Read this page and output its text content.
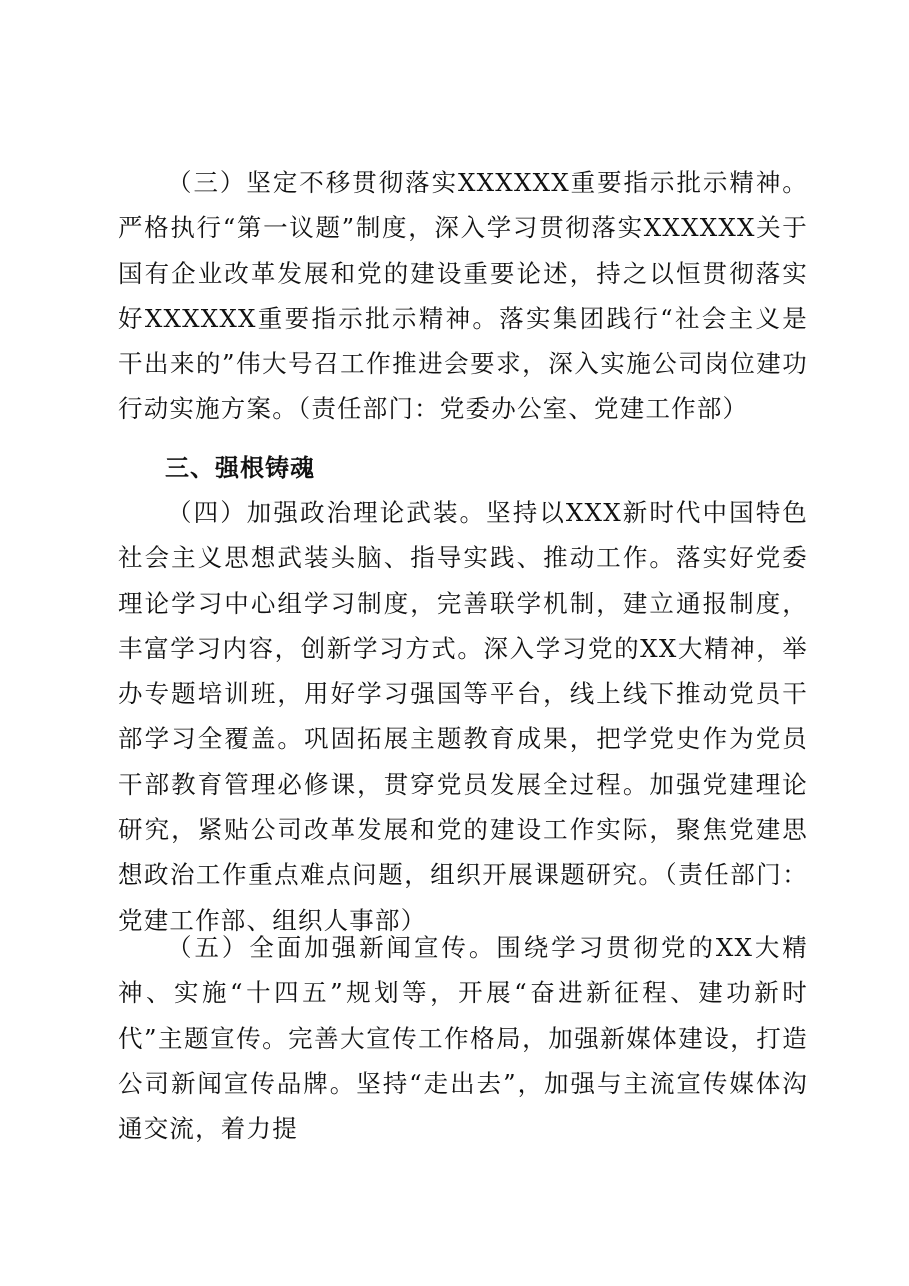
（三）坚定不移贯彻落实XXXXXX重要指示批示精神。严格执行“第一议题”制度，深入学习贯彻落实XXXXXX关于国有企业改革发展和党的建设重要论述，持之以恒贯彻落实好XXXXXX重要指示批示精神。落实集团践行“社会主义是干出来的”伟大号召工作推进会要求，深入实施公司岗位建功行动实施方案。（责任部门：党委办公室、党建工作部）

三、强根铸魂

（四）加强政治理论武装。坚持以XXX新时代中国特色社会主义思想武装头脑、指导实践、推动工作。落实好党委理论学习中心组学习制度，完善联学机制，建立通报制度，丰富学习内容，创新学习方式。深入学习党的XX大精神，举办专题培训班，用好学习强国等平台，线上线下推动党员干部学习全覆盖。巩固拓展主题教育成果，把学党史作为党员干部教育管理必修课，贯穿党员发展全过程。加强党建理论研究，紧贴公司改革发展和党的建设工作实际，聚焦党建思想政治工作重点难点问题，组织开展课题研究。（责任部门：党建工作部、组织人事部）

（五）全面加强新闻宣传。围绕学习贯彻党的XX大精神、实施“十四五”规划等，开展“奋进新征程、建功新时代”主题宣传。完善大宣传工作格局，加强新媒体建设，打造公司新闻宣传品牌。坚持“走出去”，加强与主流宣传媒体沟通交流，着力提
